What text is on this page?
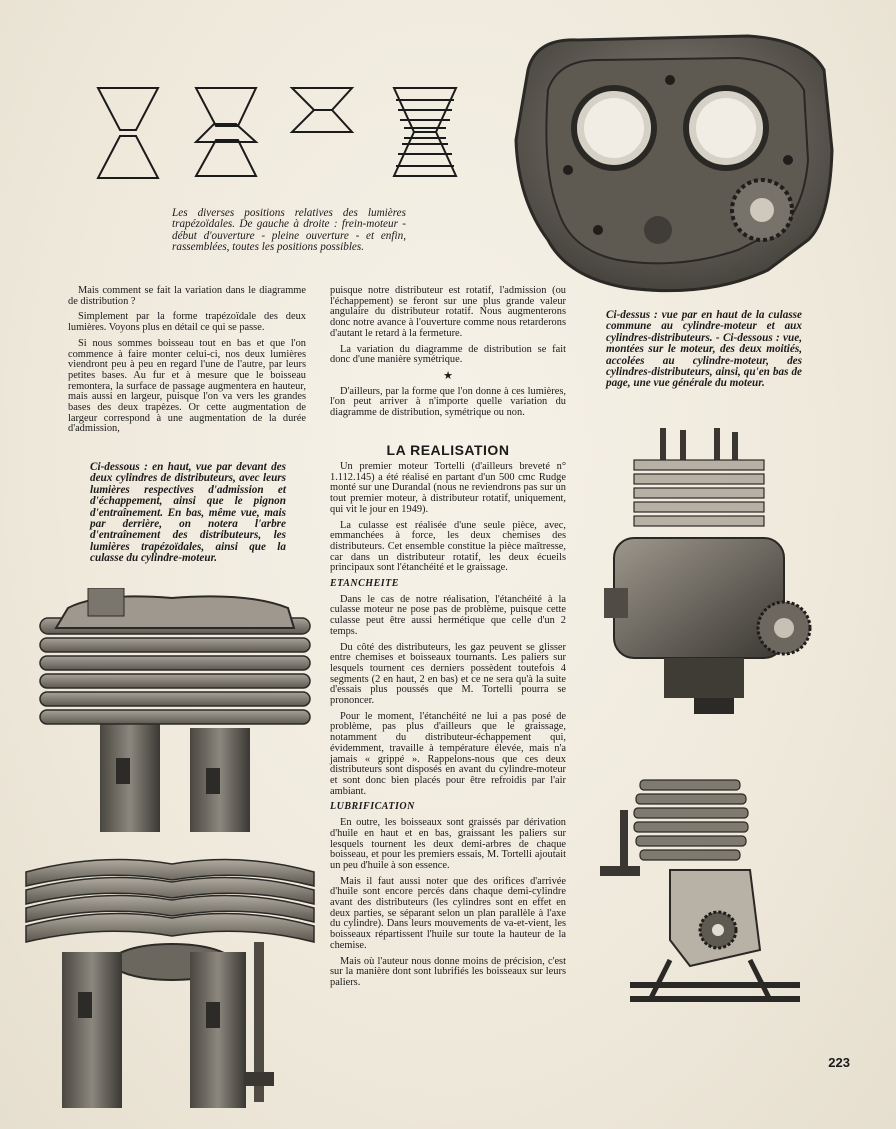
Les diverses positions relatives des lumières trapézoïdales. De gauche à droite : frein-moteur - début d'ouverture - pleine ouverture - et enfin, rassemblées, toutes les positions possibles.
Ci-dessus : vue par en haut de la culasse commune au cylindre-moteur et aux cylindres-distributeurs. - Ci-dessous : vue, montées sur le moteur, des deux moitiés, accolées au cylindre-moteur, des cylindres-distributeurs, ainsi, qu'en bas de page, une vue générale du moteur.

Mais comment se fait la variation dans le diagramme de distribution ?

Simplement par la forme trapézoïdale des deux lumières. Voyons plus en détail ce qui se passe.

Si nous sommes boisseau tout en bas et que l'on commence à faire monter celui-ci, nos deux lumières viendront peu à peu en regard l'une de l'autre, par leurs petites bases. Au fur et à mesure que le boisseau remontera, la surface de passage augmentera en hauteur, mais aussi en largeur, puisque l'on va vers les grandes bases des deux trapèzes. Or cette augmentation de largeur correspond à une augmentation de la durée d'admission,

Ci-dessous : en haut, vue par devant des deux cylindres de distributeurs, avec leurs lumières respectives d'admission et d'échappement, ainsi que le pignon d'entraînement. En bas, même vue, mais par derrière, on notera l'arbre d'entraînement des distributeurs, les lumières trapézoïdales, ainsi que la culasse du cylindre-moteur.

puisque notre distributeur est rotatif, l'admission (ou l'échappement) se feront sur une plus grande valeur angulaire du distributeur rotatif. Nous augmenterons donc notre avance à l'ouverture comme nous retarderons d'autant le retard à la fermeture.

La variation du diagramme de distribution se fait donc d'une manière symétrique.

★

D'ailleurs, par la forme que l'on donne à ces lumières, l'on peut arriver à n'importe quelle variation du diagramme de distribution, symétrique ou non.

LA REALISATION

Un premier moteur Tortelli (d'ailleurs breveté n° 1.112.145) a été réalisé en partant d'un 500 cmc Rudge monté sur une Durandal (nous ne reviendrons pas sur un tout premier moteur, à distributeur rotatif, uniquement, qui vit le jour en 1949).

La culasse est réalisée d'une seule pièce, avec, emmanchées à force, les deux chemises des distributeurs. Cet ensemble constitue la pièce maîtresse, car dans un distributeur rotatif, les deux écueils principaux sont l'étanchéité et le graissage.

ETANCHEITE

Dans le cas de notre réalisation, l'étanchéité à la culasse moteur ne pose pas de problème, puisque cette culasse peut être aussi hermétique que celle d'un 2 temps.

Du côté des distributeurs, les gaz peuvent se glisser entre chemises et boisseaux tournants. Les paliers sur lesquels tournent ces derniers possèdent toutefois 4 segments (2 en haut, 2 en bas) et ce ne sera qu'à la suite d'essais plus poussés que M. Tortelli pourra se prononcer.

Pour le moment, l'étanchéité ne lui a pas posé de problème, pas plus d'ailleurs que le graissage, notamment du distributeur-échappement qui, évidemment, travaille à température élevée, mais n'a jamais « grippé ». Rappelons-nous que ces deux distributeurs sont disposés en avant du cylindre-moteur et sont donc bien placés pour être refroidis par l'air ambiant.

LUBRIFICATION

En outre, les boisseaux sont graissés par dérivation d'huile en haut et en bas, graissant les paliers sur lesquels tournent les deux demi-arbres de chaque boisseau, et pour les premiers essais, M. Tortelli ajoutait un peu d'huile à son essence.

Mais il faut aussi noter que des orifices d'arrivée d'huile sont encore percés dans chaque demi-cylindre avant des distributeurs (les cylindres sont en effet en deux parties, se séparant selon un plan parallèle à l'axe du cylindre). Dans leurs mouvements de va-et-vient, les boisseaux répartissent l'huile sur toute la hauteur de la chemise.

Mais où l'auteur nous donne moins de précision, c'est sur la manière dont sont lubrifiés les boisseaux sur leurs paliers.

223
